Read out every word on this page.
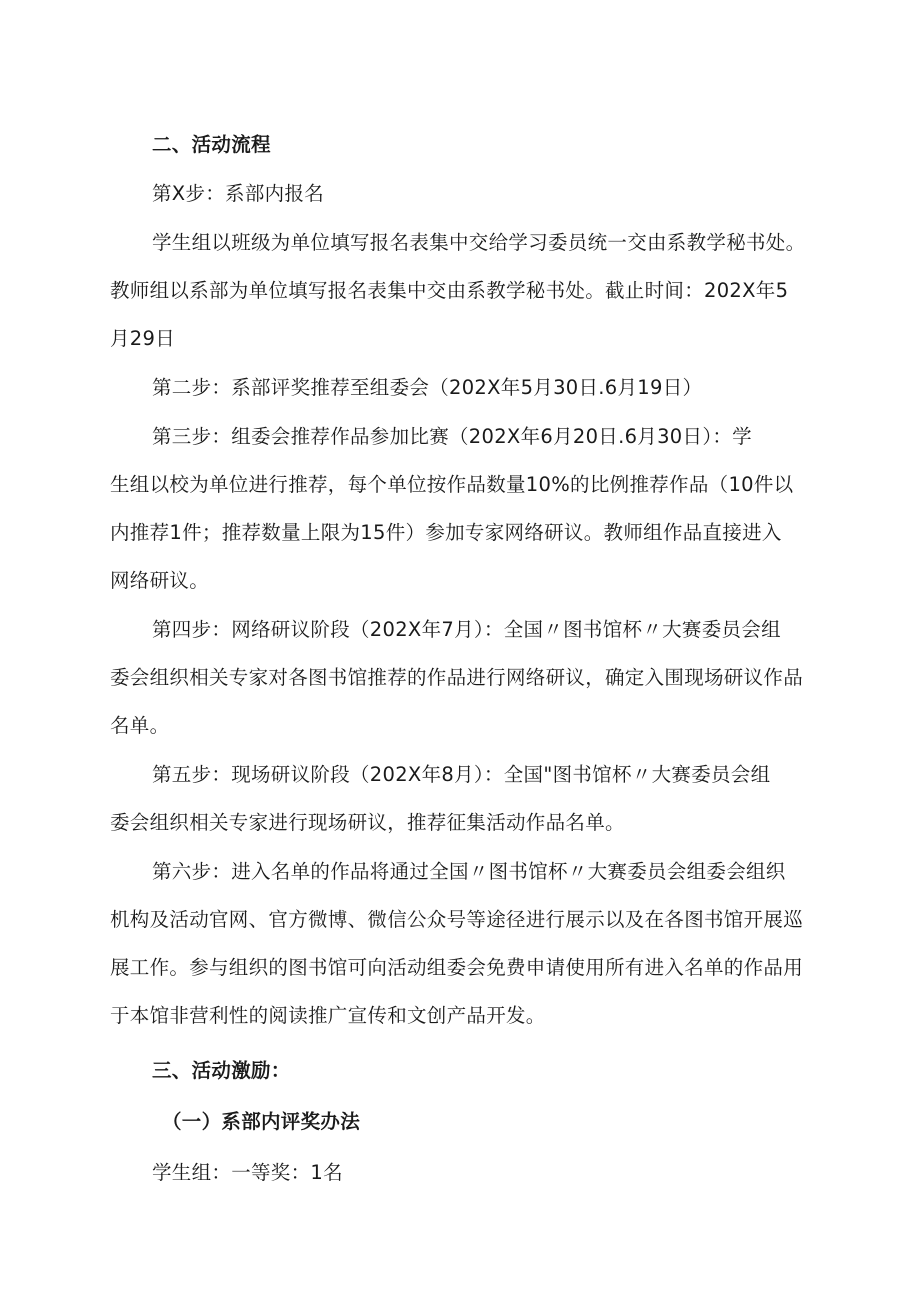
二、活动流程
第X步：系部内报名
学生组以班级为单位填写报名表集中交给学习委员统一交由系教学秘书处。
教师组以系部为单位填写报名表集中交由系教学秘书处。截止时间：202X年5
月29日
第二步：系部评奖推荐至组委会（202X年5月30日.6月19日）
第三步：组委会推荐作品参加比赛（202X年6月20日.6月30日）：学
生组以校为单位进行推荐，每个单位按作品数量10%的比例推荐作品（10件以
内推荐1件；推荐数量上限为15件）参加专家网络研议。教师组作品直接进入
网络研议。
第四步：网络研议阶段（202X年7月）：全国〃图书馆杯〃大赛委员会组
委会组织相关专家对各图书馆推荐的作品进行网络研议，确定入围现场研议作品
名单。
第五步：现场研议阶段（202X年8月）：全国"图书馆杯〃大赛委员会组
委会组织相关专家进行现场研议，推荐征集活动作品名单。
第六步：进入名单的作品将通过全国〃图书馆杯〃大赛委员会组委会组织
机构及活动官网、官方微博、微信公众号等途径进行展示以及在各图书馆开展巡
展工作。参与组织的图书馆可向活动组委会免费申请使用所有进入名单的作品用
于本馆非营利性的阅读推广宣传和文创产品开发。
三、活动激励：
（一）系部内评奖办法
学生组：一等奖：1名
